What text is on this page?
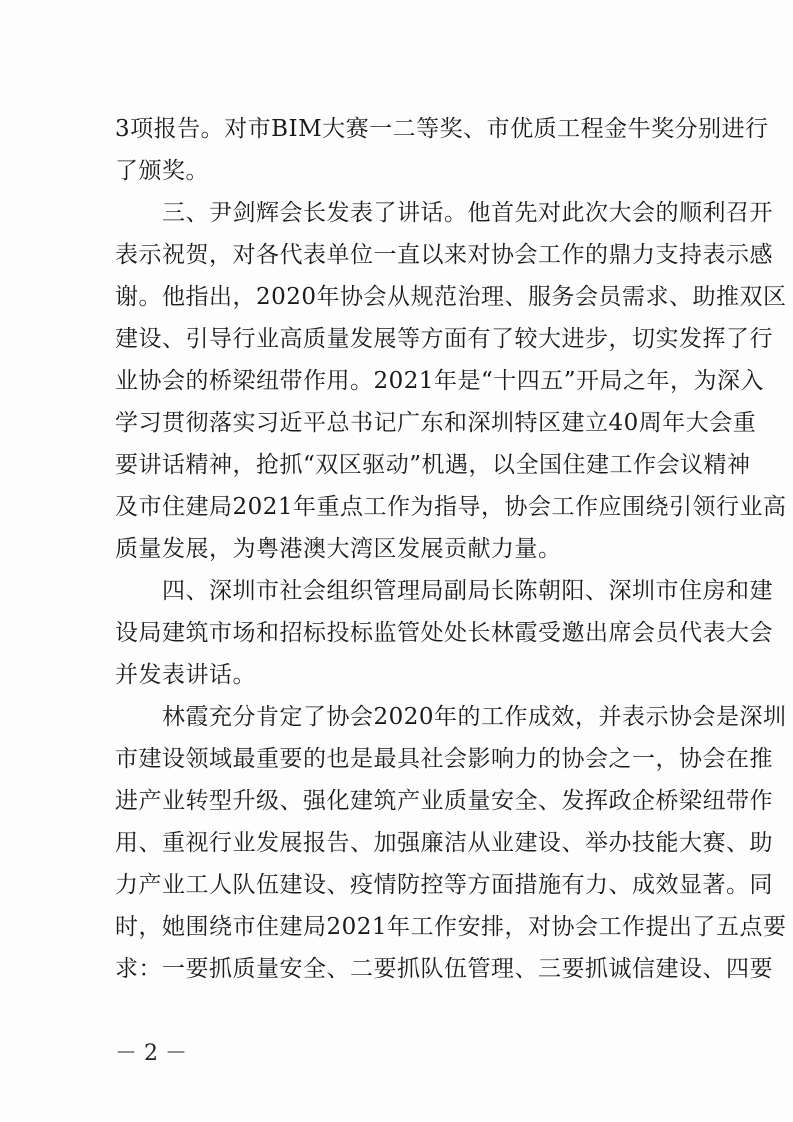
3项报告。对市BIM大赛一二等奖、市优质工程金牛奖分别进行
了颁奖。
　　三、尹剑辉会长发表了讲话。他首先对此次大会的顺利召开
表示祝贺，对各代表单位一直以来对协会工作的鼎力支持表示感
谢。他指出，2020年协会从规范治理、服务会员需求、助推双区
建设、引导行业高质量发展等方面有了较大进步，切实发挥了行
业协会的桥梁纽带作用。2021年是“十四五”开局之年，为深入
学习贯彻落实习近平总书记广东和深圳特区建立40周年大会重
要讲话精神，抢抓“双区驱动”机遇，以全国住建工作会议精神
及市住建局2021年重点工作为指导，协会工作应围绕引领行业高
质量发展，为粤港澳大湾区发展贡献力量。
　　四、深圳市社会组织管理局副局长陈朝阳、深圳市住房和建
设局建筑市场和招标投标监管处处长林霞受邀出席会员代表大会
并发表讲话。
　　林霞充分肯定了协会2020年的工作成效，并表示协会是深圳
市建设领域最重要的也是最具社会影响力的协会之一，协会在推
进产业转型升级、强化建筑产业质量安全、发挥政企桥梁纽带作
用、重视行业发展报告、加强廉洁从业建设、举办技能大赛、助
力产业工人队伍建设、疫情防控等方面措施有力、成效显著。同
时，她围绕市住建局2021年工作安排，对协会工作提出了五点要
求：一要抓质量安全、二要抓队伍管理、三要抓诚信建设、四要
－ 2 －
